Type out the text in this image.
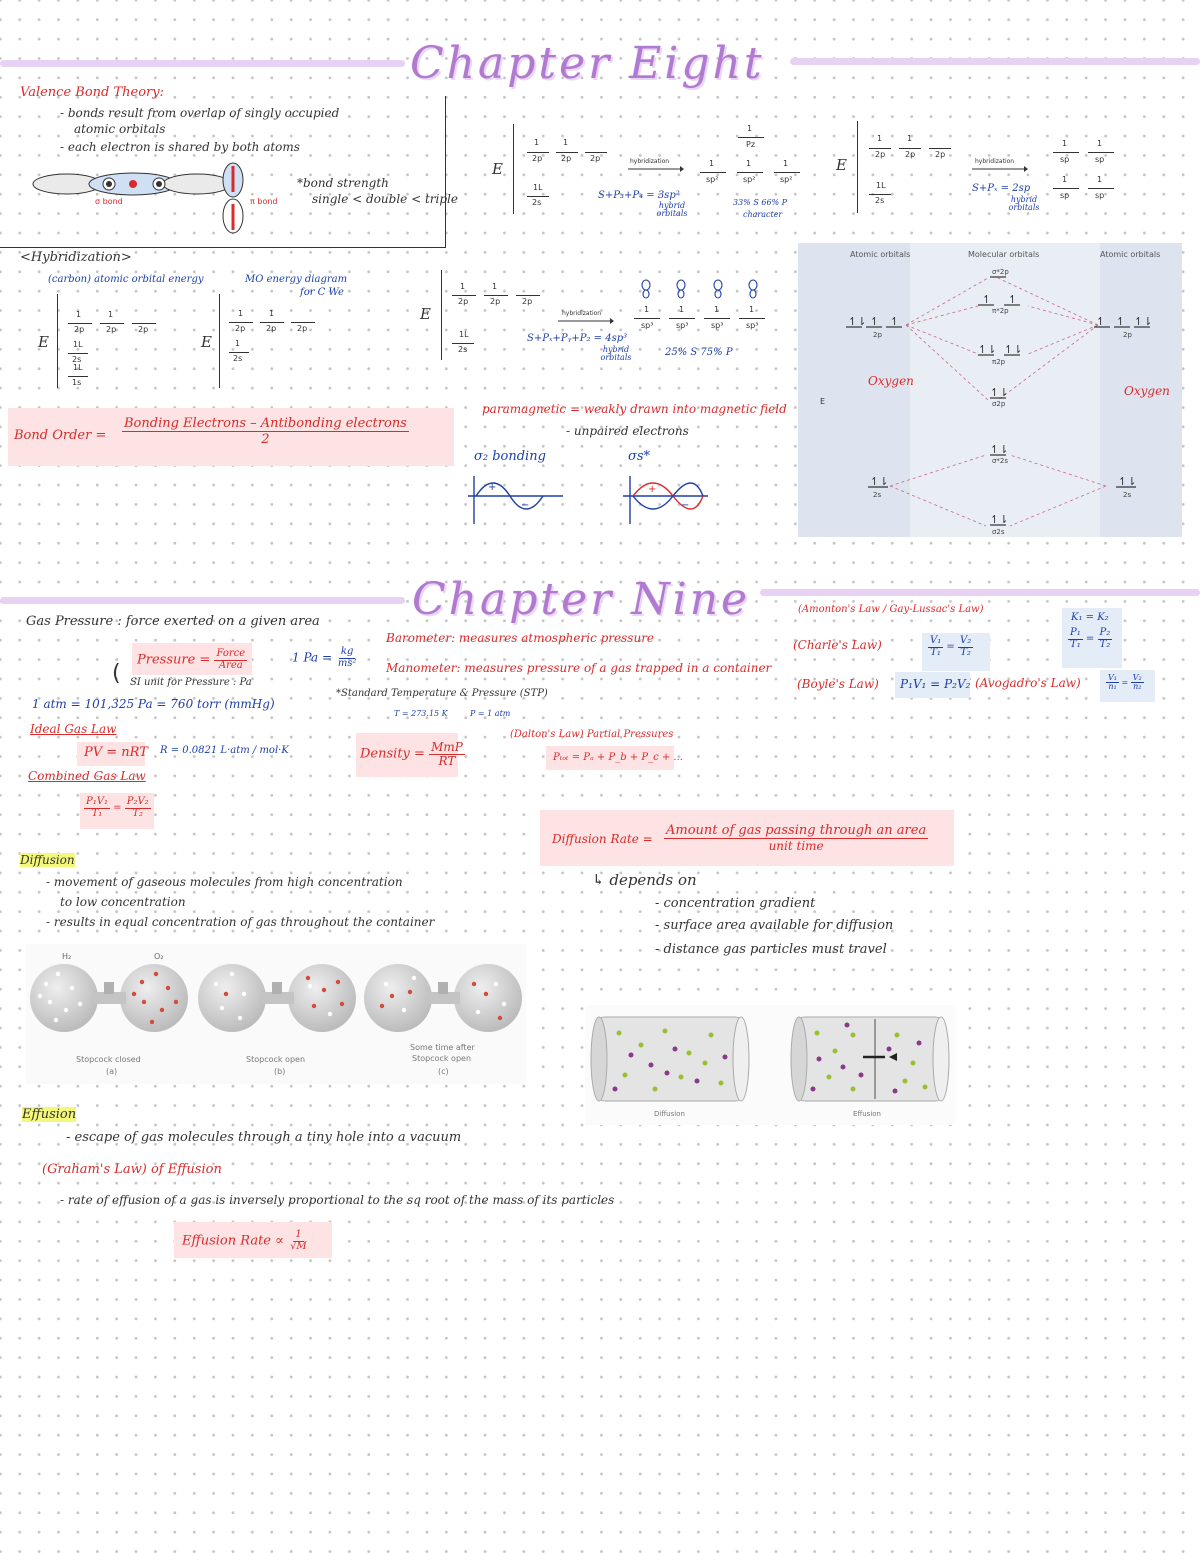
Chapter Eight
Valence Bond Theory:
- bonds result from overlap of singly occupied
atomic orbitals
- each electron is shared by both atoms
σ bond	π bond
*bond strength
single < double < triple
E
1	1
2p 2p 2p
1L
2s
hybridization
S+P₃+P₄ = 3sp²
hybrid orbitals
1
Pz
1	1	1
sp²	sp²	sp²
33% S 66% P
character
E
1	1
2p 2p 2p
1L
2s
hybridization
S+Pₓ = 2sp
hybrid orbitals
1	1
sp	sp
1	1
sp	sp
<Hybridization>
(carbon) atomic orbital energy	MO energy diagram
for C We
E
1	1
2p	2p	2p
1L
2s
1L
1s
E
1	1
2p	2p	2p
1
2s
E
1	1
2p	2p	2p
1L
2s
hybridization
S+Pₓ+Pᵧ+P₂ = 4sp³
hybrid orbitals
1	1	1	1
sp³	sp³	sp³	sp³
25% S 75% P
Bond Order =
Bonding Electrons – Antibonding electrons
2
paramagnetic = weakly drawn into magnetic field
- unpaired electrons
σ₂ bonding	σs*
+
−
+
−
Atomic orbitals	Molecular orbitals	Atomic orbitals
E
↿⇂ ↿ ↿	↿ ↿ ↿⇂
↿ ↿
↿⇂ ↿⇂
↿⇂
↿⇂
↿⇂	↿⇂
↿⇂
2p	2p
2s	2s
σ*2p
π*2p
π2p
σ2p
σ*2s
σ2s
Oxygen
Oxygen
Chapter Nine
Gas Pressure : force exerted on a given area
Pressure = $\frac{\text{Force}}{\text{Area}}$	1 $Pa = \frac{kg}{\text{ms²}}$
( SI unit for Pressure : Pa
1 atm = 101,325 Pa = 760 torr (mmHg)
Ideal Gas Law
PV = nRT R = 0.0821 L·atm / mol·K
Combined Gas Law
$\frac{\text{P₁V₁}}{\text{T₁}} = \frac{\text{P₂V₂}}{\text{T₂}}$
Barometer: measures atmospheric pressure
Manometer: measures pressure of a gas trapped in a container
*Standard Temperature & Pressure (STP)
T = 273.15 K	P = 1 atm
Density = $\frac{\text{MmP}}{RT}$
(Dalton's Law) Partial Pressures
Pₜₒₜ = Pₐ + P_b + P_c + ...
(Amonton's Law / Gay-Lussac's Law)
(Charle's Law)	$\frac{\text{V₁}}{\text{T₁}} = \frac{\text{V₂}}{\text{T₂}}$
(Boyle's Law) P₁V₁ = P₂V₂ (Avogadro's Law)
K₁ = K₂
$\frac{\text{P₁}}{\text{T₁}} = \frac{\text{P₂}}{\text{T₂}}$
$\frac{\text{V₁}}{\text{n₁}} = \frac{\text{V₂}}{\text{n₂}}$
Diffusion Rate =
Amount of gas passing through an area
unit time
↳ depends on
- concentration gradient
- surface area available for diffusion
- distance gas particles must travel
Diffusion
- movement of gaseous molecules from high concentration
to low concentration
- results in equal concentration of gas throughout the container
H₂	O₂
Stopcock closed
(a)
Stopcock open
(b)
Some time after
Stopcock open
(c)
Diffusion	Effusion
Effusion
- escape of gas molecules through a tiny hole into a vacuum
(Graham's Law) of Effusion
- rate of effusion of a gas is inversely proportional to the sq root of the mass of its particles
Effusion Rate ∝ $\frac{1}{√M}$
